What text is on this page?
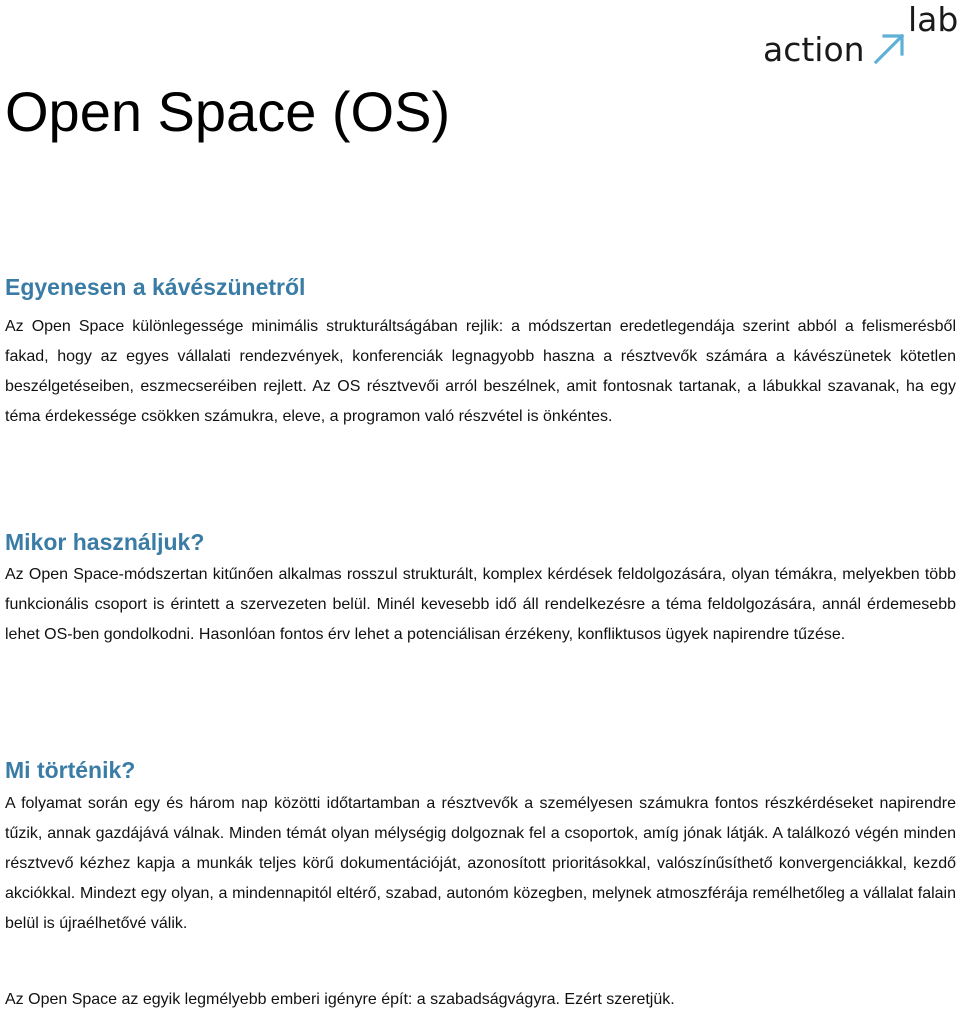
action
lab
Open Space (OS)
Egyenesen a kávészünetről

Az Open Space különlegessége minimális strukturáltságában rejlik: a módszertan eredetlegendája szerint abból a felismerésből fakad, hogy az egyes vállalati rendezvények, konferenciák legnagyobb haszna a résztvevők számára a kávészünetek kötetlen beszélgetéseiben, eszmecseréiben rejlett. Az OS résztvevői arról beszélnek, amit fontosnak tartanak, a lábukkal szavanak, ha egy téma érdekessége csökken számukra, eleve, a programon való részvétel is önkéntes.

Mikor használjuk?

Az Open Space-módszertan kitűnően alkalmas rosszul strukturált, komplex kérdések feldolgozására, olyan témákra, melyekben több funkcionális csoport is érintett a szervezeten belül. Minél kevesebb idő áll rendelkezésre a téma feldolgozására, annál érdemesebb lehet OS-ben gondolkodni. Hasonlóan fontos érv lehet a potenciálisan érzékeny, konfliktusos ügyek napirendre tűzése.

Mi történik?

A folyamat során egy és három nap közötti időtartamban a résztvevők a személyesen számukra fontos részkérdéseket napirendre tűzik, annak gazdájává válnak. Minden témát olyan mélységig dolgoznak fel a csoportok, amíg jónak látják. A találkozó végén minden résztvevő kézhez kapja a munkák teljes körű dokumentációját, azonosított prioritásokkal, valószínűsíthető konvergenciákkal, kezdő akciókkal. Mindezt egy olyan, a mindennapitól eltérő, szabad, autonóm közegben, melynek atmoszférája remélhetőleg a vállalat falain belül is újraélhetővé válik.

Az Open Space az egyik legmélyebb emberi igényre épít: a szabadságvágyra. Ezért szeretjük.
